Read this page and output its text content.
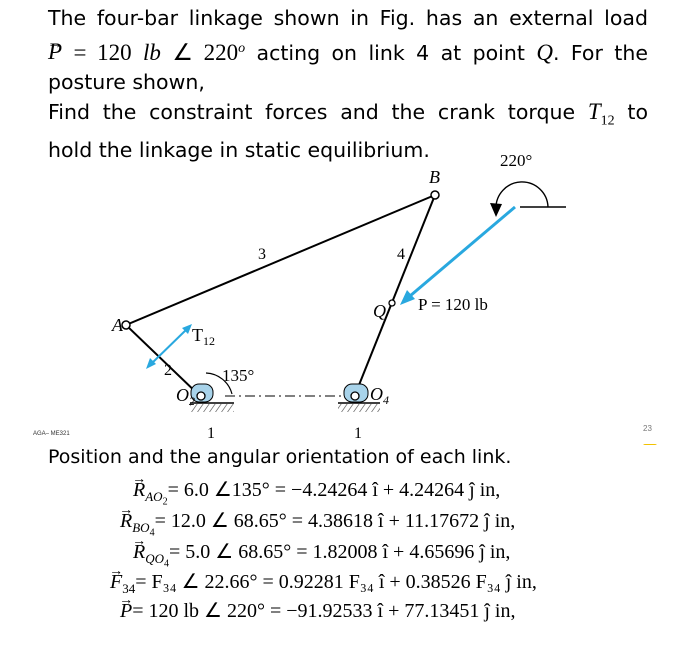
The four-bar linkage shown in Fig. has an external load

→ P = 120 lb ∠ 220$^o$ acting on link 4 at point Q. For the

posture shown,

Find the constraint forces and the crank torque $T_{12}$ to

hold the linkage in static equilibrium.	220°
B
A
Q
3	4
2
P = 120 lb
$T_{12}$
135°
$O_2$	$O_4$
1	1
AGA– ME321
23
Position and the angular orientation of each link.
→ $R_{AO_2}= 6.0$ ∠135° = −4.24264 î + 4.24264 ĵ in,
→ $R_{BO_4}= 12.0$ ∠ 68.65° = 4.38618 î + 11.17672 ĵ in,
→ $R_{QO_4}= 5.0$ ∠ 68.65° = 1.82008 î + 4.65696 ĵ in,
→ $F_{34}= F_{34}$ ∠ 22.66° = 0.92281 F₃₄ î + 0.38526 F₃₄ ĵ in,
→ P= 120 lb ∠ 220° = −91.92533 î + 77.13451 ĵ in,
